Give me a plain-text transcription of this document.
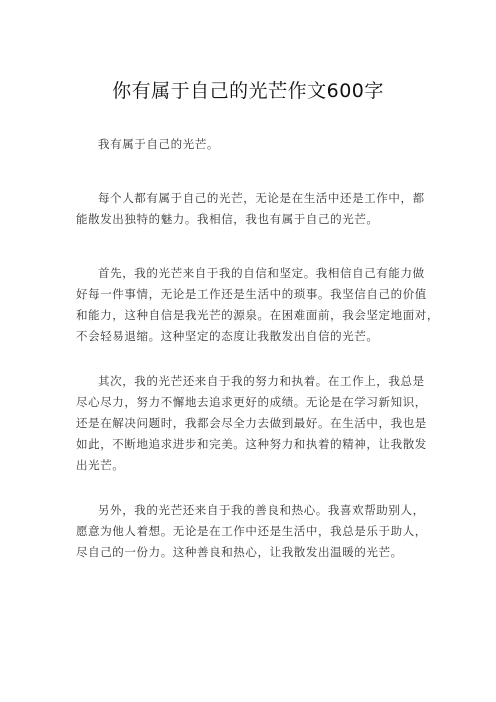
你有属于自己的光芒作文600字
我有属于自己的光芒。
每个人都有属于自己的光芒，无论是在生活中还是工作中，都
能散发出独特的魅力。我相信，我也有属于自己的光芒。
首先，我的光芒来自于我的自信和坚定。我相信自己有能力做
好每一件事情，无论是工作还是生活中的琐事。我坚信自己的价值
和能力，这种自信是我光芒的源泉。在困难面前，我会坚定地面对，
不会轻易退缩。这种坚定的态度让我散发出自信的光芒。
其次，我的光芒还来自于我的努力和执着。在工作上，我总是
尽心尽力，努力不懈地去追求更好的成绩。无论是在学习新知识，
还是在解决问题时，我都会尽全力去做到最好。在生活中，我也是
如此，不断地追求进步和完美。这种努力和执着的精神，让我散发
出光芒。
另外，我的光芒还来自于我的善良和热心。我喜欢帮助别人，
愿意为他人着想。无论是在工作中还是生活中，我总是乐于助人，
尽自己的一份力。这种善良和热心，让我散发出温暖的光芒。
